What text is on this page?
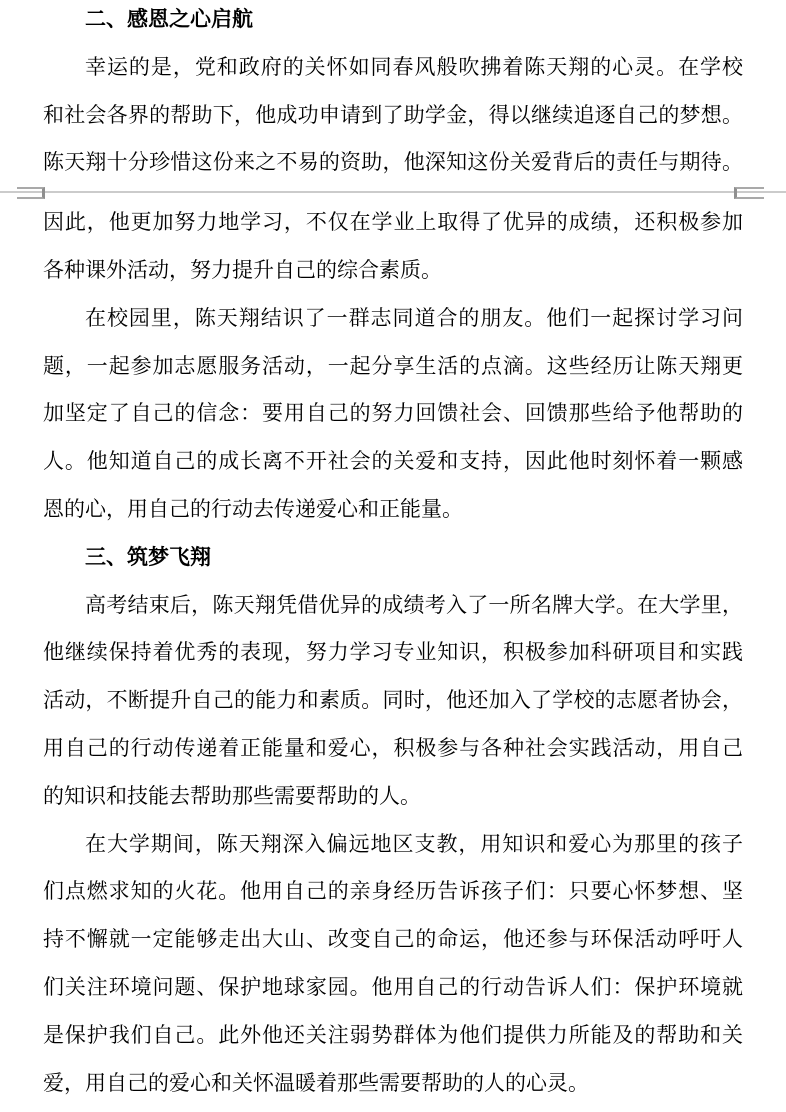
二、感恩之心启航
幸运的是，党和政府的关怀如同春风般吹拂着陈天翔的心灵。在学校
和社会各界的帮助下，他成功申请到了助学金，得以继续追逐自己的梦想。
陈天翔十分珍惜这份来之不易的资助，他深知这份关爱背后的责任与期待。
因此，他更加努力地学习，不仅在学业上取得了优异的成绩，还积极参加
各种课外活动，努力提升自己的综合素质。
在校园里，陈天翔结识了一群志同道合的朋友。他们一起探讨学习问
题，一起参加志愿服务活动，一起分享生活的点滴。这些经历让陈天翔更
加坚定了自己的信念：要用自己的努力回馈社会、回馈那些给予他帮助的
人。他知道自己的成长离不开社会的关爱和支持，因此他时刻怀着一颗感
恩的心，用自己的行动去传递爱心和正能量。
三、筑梦飞翔
高考结束后，陈天翔凭借优异的成绩考入了一所名牌大学。在大学里，
他继续保持着优秀的表现，努力学习专业知识，积极参加科研项目和实践
活动，不断提升自己的能力和素质。同时，他还加入了学校的志愿者协会，
用自己的行动传递着正能量和爱心，积极参与各种社会实践活动，用自己
的知识和技能去帮助那些需要帮助的人。
在大学期间，陈天翔深入偏远地区支教，用知识和爱心为那里的孩子
们点燃求知的火花。他用自己的亲身经历告诉孩子们：只要心怀梦想、坚
持不懈就一定能够走出大山、改变自己的命运，他还参与环保活动呼吁人
们关注环境问题、保护地球家园。他用自己的行动告诉人们：保护环境就
是保护我们自己。此外他还关注弱势群体为他们提供力所能及的帮助和关
爱，用自己的爱心和关怀温暖着那些需要帮助的人的心灵。
